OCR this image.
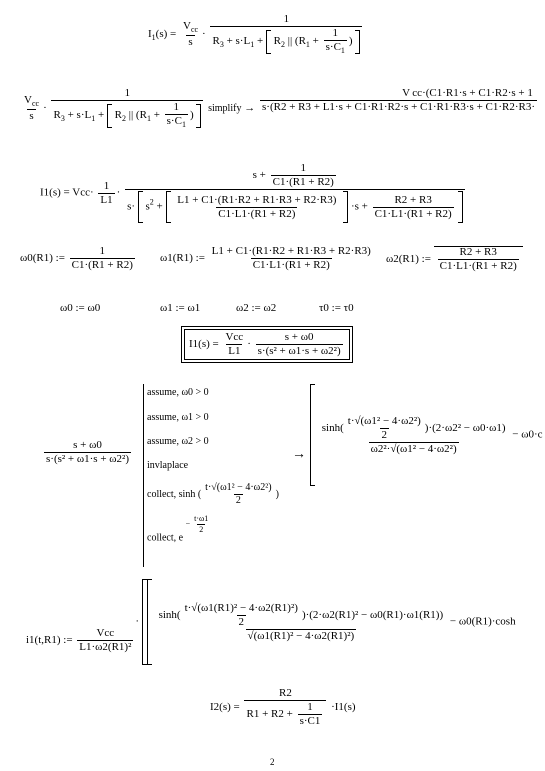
$I_1(s) = \frac{V_{cc}}{s}$ ·
1
$R_3 + s\cdot L_1 + R_2$ || ($R_1 + \frac{1}{s\cdot C_1}$ )
$\frac{V_{cc}}{s}$ ·
1
$R_3 + s\cdot L_1 + R_2$ || ($R_1 + \frac{1}{s\cdot C_1}$ )
simplify → $\frac{\text{V cc·(C1·R1·s + C1·R2·s + 1}}{s\cdot(R2 + R3 + L1\cdot s + C1\cdot R1\cdot R2\cdot s + C1\cdot R1\cdot R3\cdot s + C1\cdot R2\cdot R3\cdot}$
$I1(s) = Vcc\cdot \frac{1}{L1}$ ·
$s + \frac{1}{C1\cdot(R1 + R2)}$
$s\cdot s^2 + \frac{L1 + C1\cdot(R1\cdot R2 + R1\cdot R3 + R2\cdot R3)}{C1\cdot L1\cdot(R1 + R2)} \cdot s + \frac{R2 + R3}{C1\cdot L1\cdot(R1 + R2)}$

ω0(R1) := $\frac{1}{C1\cdot(R1 + R2)} \omega 1(R1)$ := $\frac{L1 + C1\cdot(R1\cdot R2 + R1\cdot R3 + R2\cdot R3)}{C1\cdot L1\cdot(R1 + R2)} \omega 2(R1)$ := $\frac{R2 + R3}{C1\cdot L1\cdot(R1 + R2)}$
ω0 := ω0	ω1 := ω1	ω2 := ω2	τ0 := τ0
$I1(s) = \frac{\text{Vcc}}{L1} \cdot \frac{s + \omega 0}{\text{s·(s² + ω1·s + ω2²)}}$
$\frac{s + \omega 0}{\text{s·(s² + ω1·s + ω2²)}}$
assume, ω0 > 0
assume, ω1 > 0
assume, ω2 > 0
invlaplace
collect, sinh ( $\frac{\text{t·√(ω1² − 4·ω2²)}}{2}$ )
collect, e $^{- \frac{t\cdot\omega 1}{2}}$
→
$\frac{\sinh( \frac{\text{t·√(ω1² − 4·ω2²)}}{2} )\cdot(2\cdot\omega 2^2 - \omega 0\cdot\omega 1)}{\text{ω2²·√(ω1² − 4·ω2²)}} - \omega 0\cdot c$
i1(t,R1) := $\frac{\text{Vcc}}{\text{L1·ω2(R1)²}}$
· $\frac{\sinh( \frac{\text{t·√(ω1(R1)² − 4·ω2(R1)²)}}{2} )\cdot(2\cdot\omega 2(R1)^2 - \omega 0(R1)\cdot\omega 1(R1))}{\text{√(ω1(R1)² − 4·ω2(R1)²)}} - \omega 0(R1)\cdot\cosh$
$I2(s) = \frac{R2}{R1 + R2 + \frac{1}{s\cdot C1}} \cdot I1(s)$
2
